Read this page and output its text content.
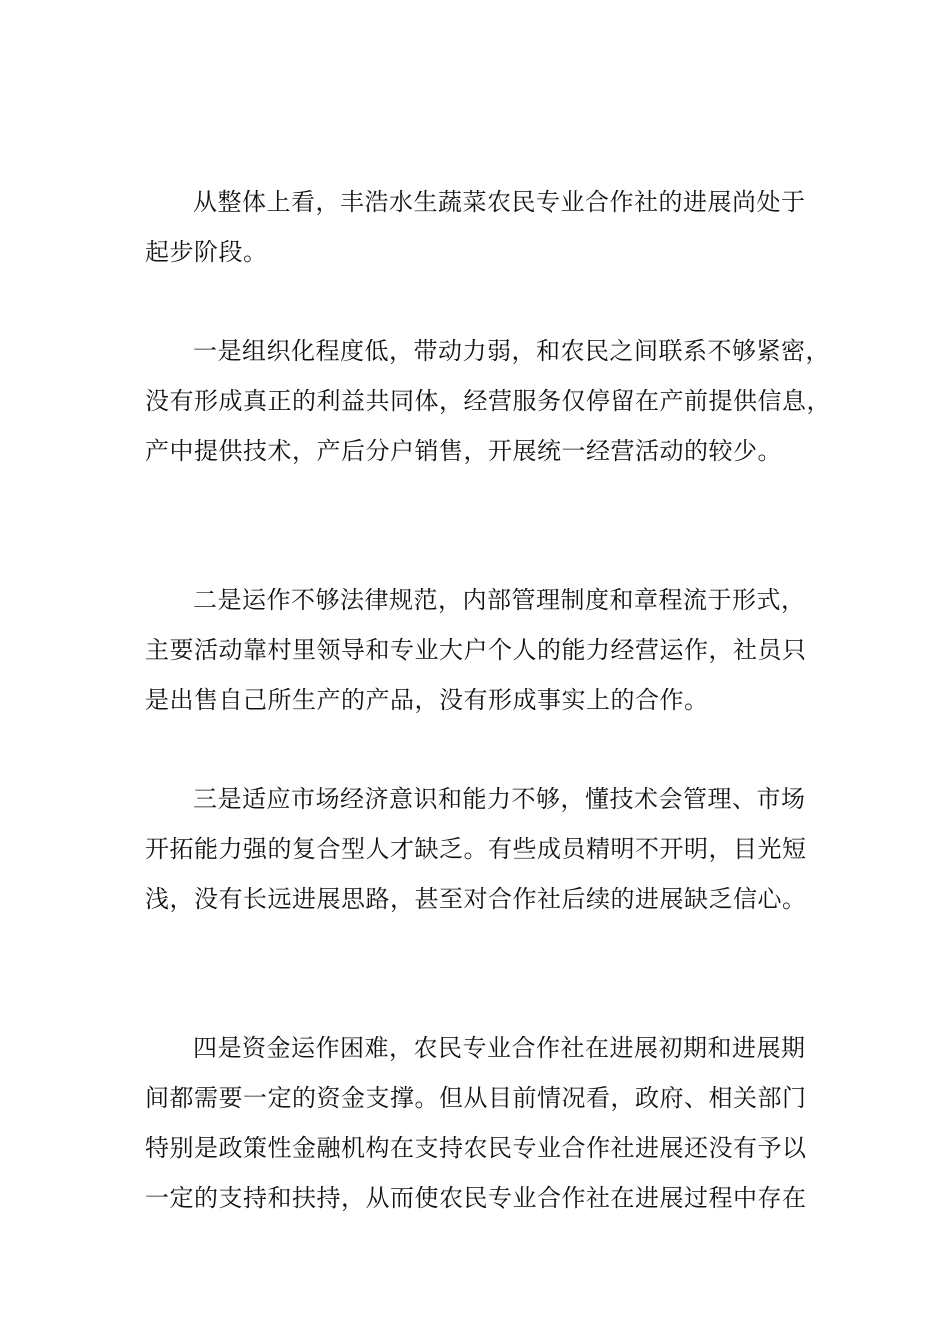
从整体上看，丰浩水生蔬菜农民专业合作社的进展尚处于
起步阶段。
一是组织化程度低，带动力弱，和农民之间联系不够紧密，
没有形成真正的利益共同体，经营服务仅停留在产前提供信息，
产中提供技术，产后分户销售，开展统一经营活动的较少。
二是运作不够法律规范，内部管理制度和章程流于形式，
主要活动靠村里领导和专业大户个人的能力经营运作，社员只
是出售自己所生产的产品，没有形成事实上的合作。
三是适应市场经济意识和能力不够，懂技术会管理、市场
开拓能力强的复合型人才缺乏。有些成员精明不开明，目光短
浅，没有长远进展思路，甚至对合作社后续的进展缺乏信心。
四是资金运作困难，农民专业合作社在进展初期和进展期
间都需要一定的资金支撑。但从目前情况看，政府、相关部门
特别是政策性金融机构在支持农民专业合作社进展还没有予以
一定的支持和扶持，从而使农民专业合作社在进展过程中存在
